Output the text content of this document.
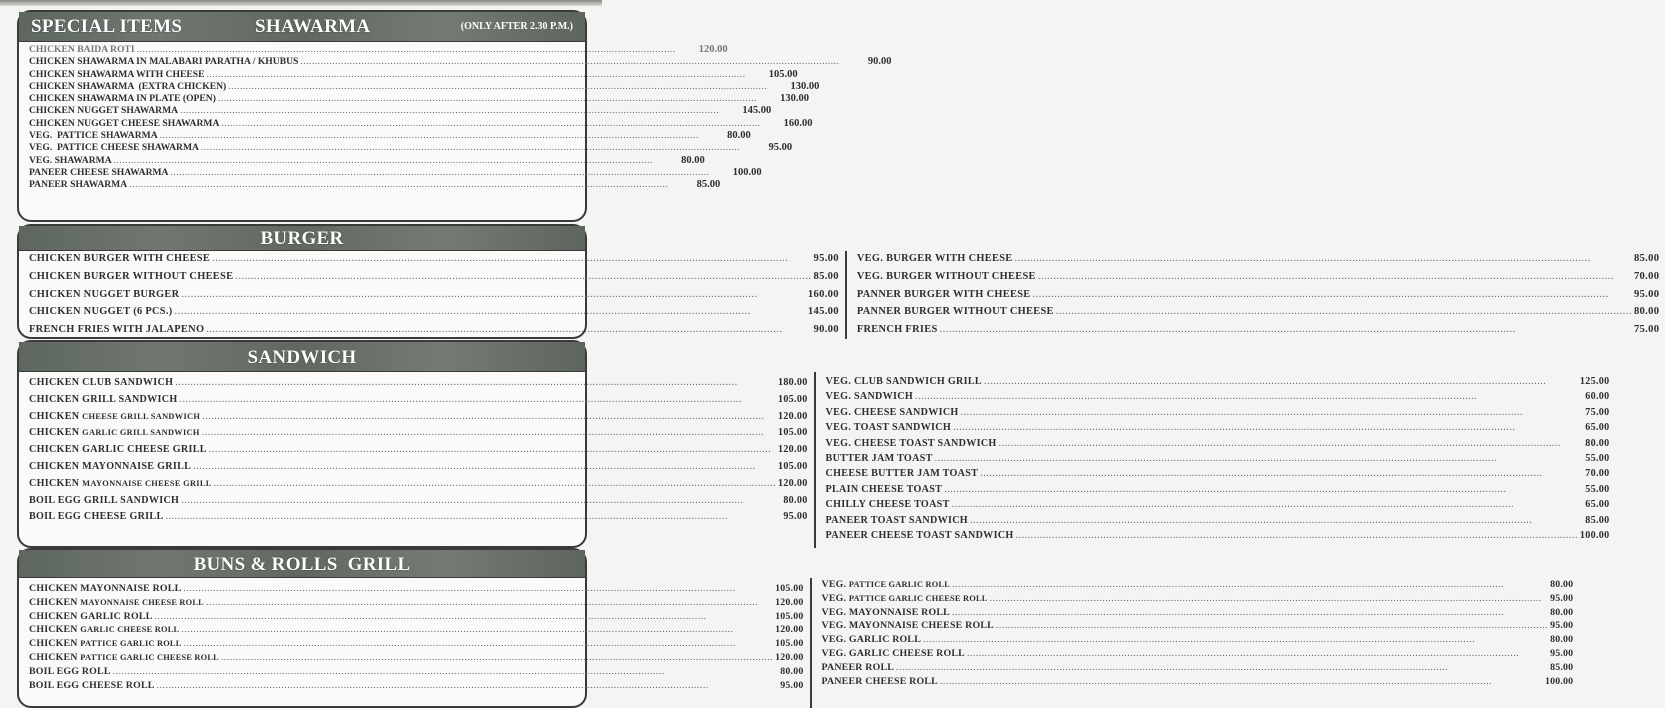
SPECIAL ITEMS	SHAWARMA	(ONLY AFTER 2.30 P.M.)
CHICKEN BAIDA ROTI .....	120.00
CHICKEN SHAWARMA IN MALABARI PARATHA / KHUBUS .....	90.00
CHICKEN SHAWARMA WITH CHEESE .....	105.00
CHICKEN SHAWARMA  (EXTRA CHICKEN) .....	130.00
CHICKEN SHAWARMA IN PLATE (OPEN) .....	130.00
CHICKEN NUGGET SHAWARMA .....	145.00
CHICKEN NUGGET CHEESE SHAWARMA .....	160.00
VEG.  PATTICE SHAWARMA .....	80.00
VEG.  PATTICE CHEESE SHAWARMA .....	95.00
VEG. SHAWARMA .....	80.00
PANEER CHEESE SHAWARMA .....	100.00
PANEER SHAWARMA .....	85.00
BURGER
CHICKEN BURGER WITH CHEESE .....	95.00
CHICKEN BURGER WITHOUT CHEESE .....	85.00
CHICKEN NUGGET BURGER .....	160.00
CHICKEN NUGGET (6 PCS.) .....	145.00
FRENCH FRIES WITH JALAPENO .....	90.00
VEG. BURGER WITH CHEESE .....	85.00
VEG. BURGER WITHOUT CHEESE .....	70.00
PANNER BURGER WITH CHEESE .....	95.00
PANNER BURGER WITHOUT CHEESE .....	80.00
FRENCH FRIES .....	75.00
SANDWICH
CHICKEN CLUB SANDWICH .....	180.00
CHICKEN GRILL SANDWICH .....	105.00
CHICKEN CHEESE GRILL SANDWICH .....	120.00
CHICKEN GARLIC GRILL SANDWICH .....	105.00
CHICKEN GARLIC CHEESE GRILL .....	120.00
CHICKEN MAYONNAISE GRILL .....	105.00
CHICKEN MAYONNAISE CHEESE GRILL .....	120.00
BOIL EGG GRILL SANDWICH .....	80.00
BOIL EGG CHEESE GRILL .....	95.00
VEG. CLUB SANDWICH GRILL .....	125.00
VEG. SANDWICH .....	60.00
VEG. CHEESE SANDWICH .....	75.00
VEG. TOAST SANDWICH .....	65.00
VEG. CHEESE TOAST SANDWICH .....	80.00
BUTTER JAM TOAST .....	55.00
CHEESE BUTTER JAM TOAST .....	70.00
PLAIN CHEESE TOAST .....	55.00
CHILLY CHEESE TOAST .....	65.00
PANEER TOAST SANDWICH .....	85.00
PANEER CHEESE TOAST SANDWICH .....	100.00
BUNS & ROLLS  GRILL
CHICKEN MAYONNAISE ROLL .....	105.00
CHICKEN MAYONNAISE CHEESE ROLL .....	120.00
CHICKEN GARLIC ROLL .....	105.00
CHICKEN GARLIC CHEESE ROLL .....	120.00
CHICKEN PATTICE GARLIC ROLL .....	105.00
CHICKEN PATTICE GARLIC CHEESE ROLL .....	120.00
BOIL EGG ROLL .....	80.00
BOIL EGG CHEESE ROLL .....	95.00
VEG. PATTICE GARLIC ROLL .....	80.00
VEG. PATTICE GARLIC CHEESE ROLL .....	95.00
VEG. MAYONNAISE ROLL .....	80.00
VEG. MAYONNAISE CHEESE ROLL .....	95.00
VEG. GARLIC ROLL .....	80.00
VEG. GARLIC CHEESE ROLL .....	95.00
PANEER ROLL .....	85.00
PANEER CHEESE ROLL .....	100.00
